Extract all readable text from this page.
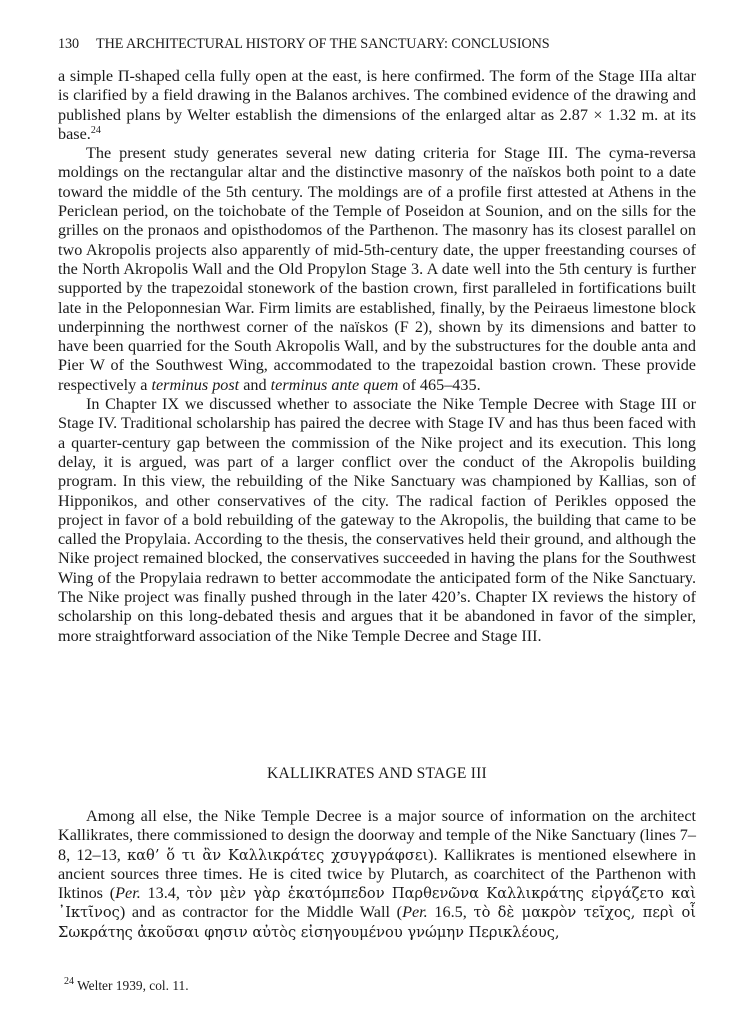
130 THE ARCHITECTURAL HISTORY OF THE SANCTUARY: CONCLUSIONS

a simple Π-shaped cella fully open at the east, is here confirmed. The form of the Stage IIIa altar is clarified by a field drawing in the Balanos archives. The combined evidence of the drawing and published plans by Welter establish the dimensions of the enlarged altar as 2.87 × 1.32 m. at its base.$^{24}$

The present study generates several new dating criteria for Stage III. The cyma-reversa moldings on the rectangular altar and the distinctive masonry of the naïskos both point to a date toward the middle of the 5th century. The moldings are of a profile first attested at Athens in the Periclean period, on the toichobate of the Temple of Poseidon at Sounion, and on the sills for the grilles on the pronaos and opisthodomos of the Parthenon. The masonry has its closest parallel on two Akropolis projects also apparently of mid-5th-century date, the upper freestanding courses of the North Akropolis Wall and the Old Propylon Stage 3. A date well into the 5th century is further supported by the trapezoidal stonework of the bastion crown, first paralleled in fortifications built late in the Peloponnesian War. Firm limits are established, finally, by the Peiraeus limestone block underpinning the northwest corner of the naïskos (F 2), shown by its dimensions and batter to have been quarried for the South Akropolis Wall, and by the substructures for the double anta and Pier W of the Southwest Wing, accommodated to the trapezoidal bastion crown. These provide respectively a terminus post and terminus ante quem of 465–435.

In Chapter IX we discussed whether to associate the Nike Temple Decree with Stage III or Stage IV. Traditional scholarship has paired the decree with Stage IV and has thus been faced with a quarter-century gap between the commission of the Nike project and its execution. This long delay, it is argued, was part of a larger conflict over the conduct of the Akropolis building program. In this view, the rebuilding of the Nike Sanctuary was championed by Kallias, son of Hipponikos, and other conservatives of the city. The radical faction of Perikles opposed the project in favor of a bold rebuilding of the gateway to the Akropolis, the building that came to be called the Propylaia. According to the thesis, the conservatives held their ground, and although the Nike project remained blocked, the conservatives succeeded in having the plans for the Southwest Wing of the Propylaia redrawn to better accommodate the anticipated form of the Nike Sanctuary. The Nike project was finally pushed through in the later 420’s. Chapter IX reviews the history of scholarship on this long-debated thesis and argues that it be abandoned in favor of the simpler, more straightforward association of the Nike Temple Decree and Stage III.

KALLIKRATES AND STAGE III
Among all else, the Nike Temple Decree is a major source of information on the architect Kallikrates, there commissioned to design the doorway and temple of the Nike Sanctuary (lines 7–8, 12–13, καθ’ ὅ τι ἂν Καλλικράτες χσυγγράφσει). Kallikrates is mentioned elsewhere in ancient sources three times. He is cited twice by Plutarch, as coarchitect of the Parthenon with Iktinos (Per. 13.4, τὸν μὲν γὰρ ἑκατόμπεδον Παρθενῶνα Καλλικράτης εἰργάζετο καὶ ᾿Ικτῖνος) and as contractor for the Middle Wall (Per. 16.5, τὸ δὲ μακρὸν τεῖχος, περὶ οἷ Σωκράτης ἀκοῦσαι φησιν αὐτὸς εἰσηγουμένου γνώμην Περικλέους,
$^{24}$ Welter 1939, col. 11.
